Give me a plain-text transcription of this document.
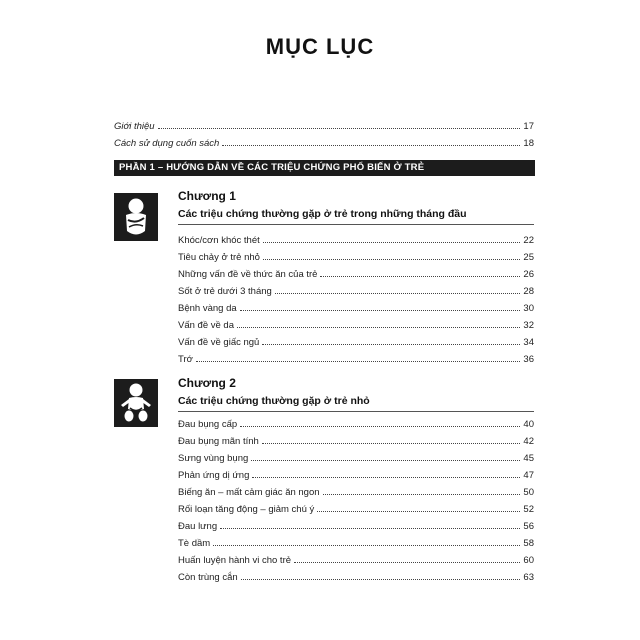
MỤC LỤC
Giới thiệu	17
Cách sử dụng cuốn sách	18
PHẦN 1 – HƯỚNG DẪN VỀ CÁC TRIỆU CHỨNG PHỔ BIẾN Ở TRẺ
Chương 1
Các triệu chứng thường gặp ở trẻ trong những tháng đầu
Khóc/cơn khóc thét	22
Tiêu chảy ở trẻ nhỏ	25
Những vấn đề về thức ăn của trẻ	26
Sốt ở trẻ dưới 3 tháng	28
Bệnh vàng da	30
Vấn đề về da	32
Vấn đề về giấc ngủ	34
Trớ	36
Chương 2
Các triệu chứng thường gặp ở trẻ nhỏ
Đau bụng cấp	40
Đau bụng mãn tính	42
Sưng vùng bụng	45
Phản ứng dị ứng	47
Biếng ăn – mất cảm giác ăn ngon	50
Rối loạn tăng động – giảm chú ý	52
Đau lưng	56
Tè dầm	58
Huấn luyện hành vi cho trẻ	60
Còn trùng cắn	63
